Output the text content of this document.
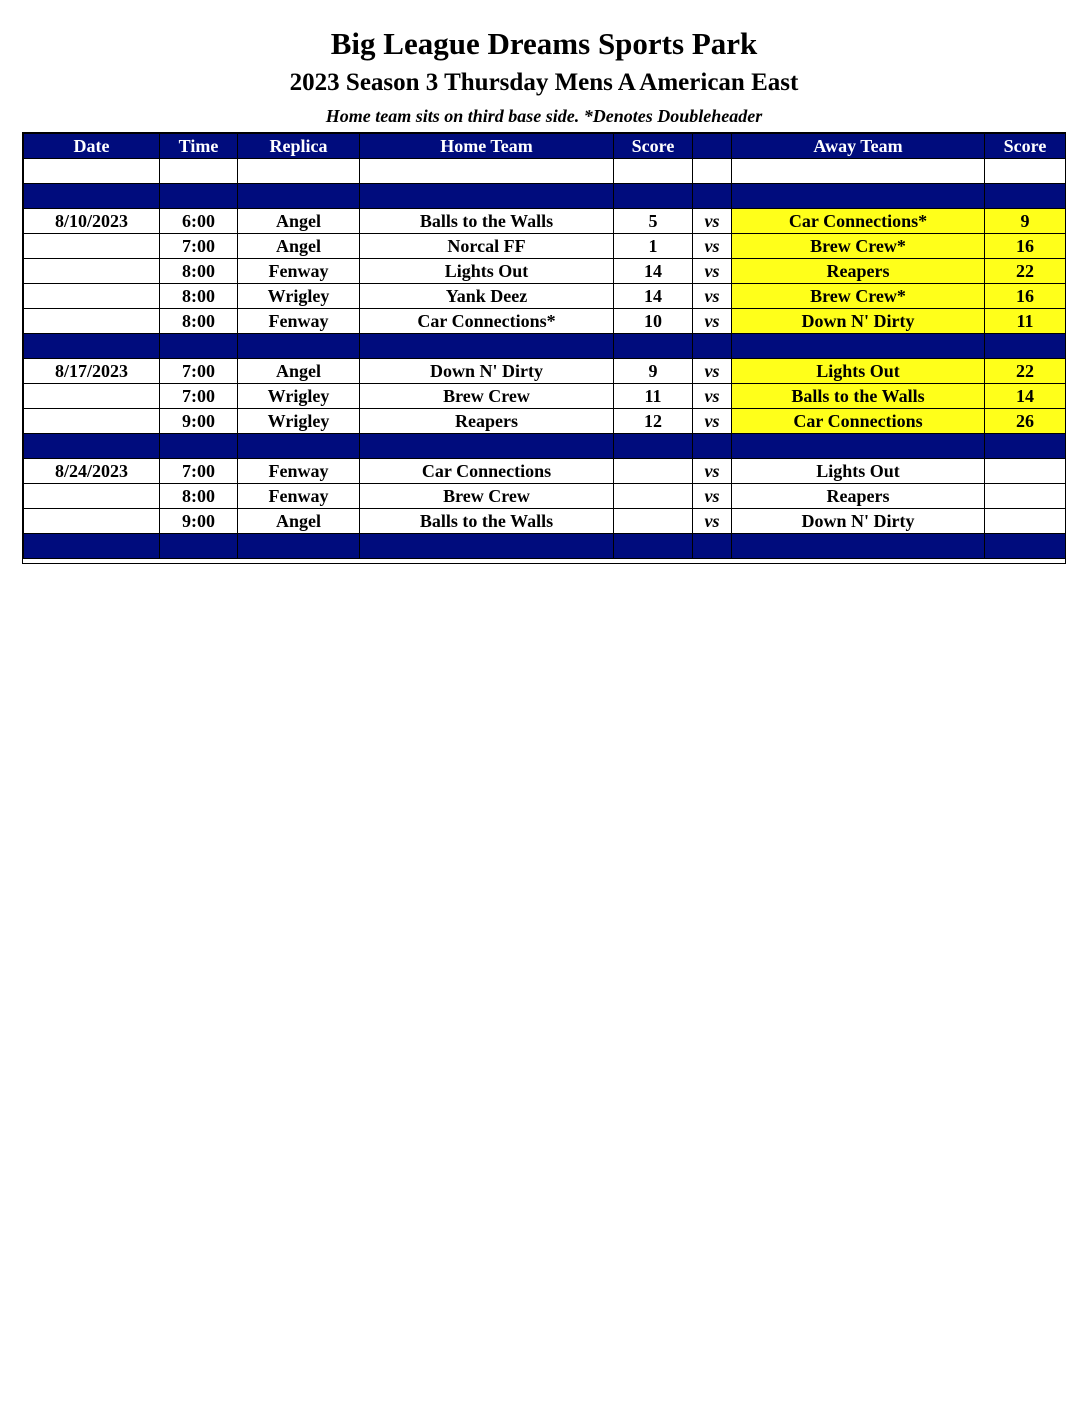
Big League Dreams Sports Park
2023 Season 3 Thursday Mens A American East
Home team sits on third base side. *Denotes Doubleheader
Date	Time	Replica	Home Team	Score		Away Team	Score

8/10/2023	6:00	Angel	Balls to the Walls	5	vs	Car Connections*	9
	7:00	Angel	Norcal FF	1	vs	Brew Crew*	16
	8:00	Fenway	Lights Out	14	vs	Reapers	22
	8:00	Wrigley	Yank Deez	14	vs	Brew Crew*	16
	8:00	Fenway	Car Connections*	10	vs	Down N' Dirty	11

8/17/2023	7:00	Angel	Down N' Dirty	9	vs	Lights Out	22
	7:00	Wrigley	Brew Crew	11	vs	Balls to the Walls	14
	9:00	Wrigley	Reapers	12	vs	Car Connections	26

8/24/2023	7:00	Fenway	Car Connections		vs	Lights Out	
	8:00	Fenway	Brew Crew		vs	Reapers	
	9:00	Angel	Balls to the Walls		vs	Down N' Dirty	
